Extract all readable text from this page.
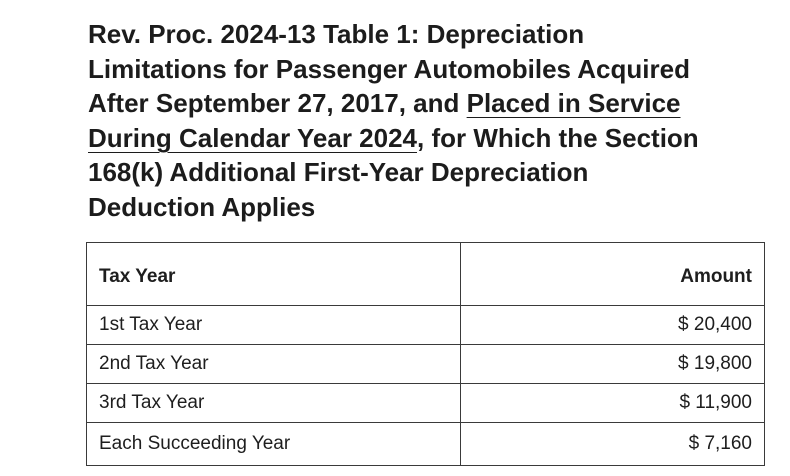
Rev. Proc. 2024-13 Table 1: Depreciation
Limitations for Passenger Automobiles Acquired
After September 27, 2017, and Placed in Service
During Calendar Year 2024, for Which the Section
168(k) Additional First-Year Depreciation
Deduction Applies
Tax Year	Amount
1st Tax Year	$ 20,400
2nd Tax Year	$ 19,800
3rd Tax Year	$ 11,900
Each Succeeding Year	$ 7,160
